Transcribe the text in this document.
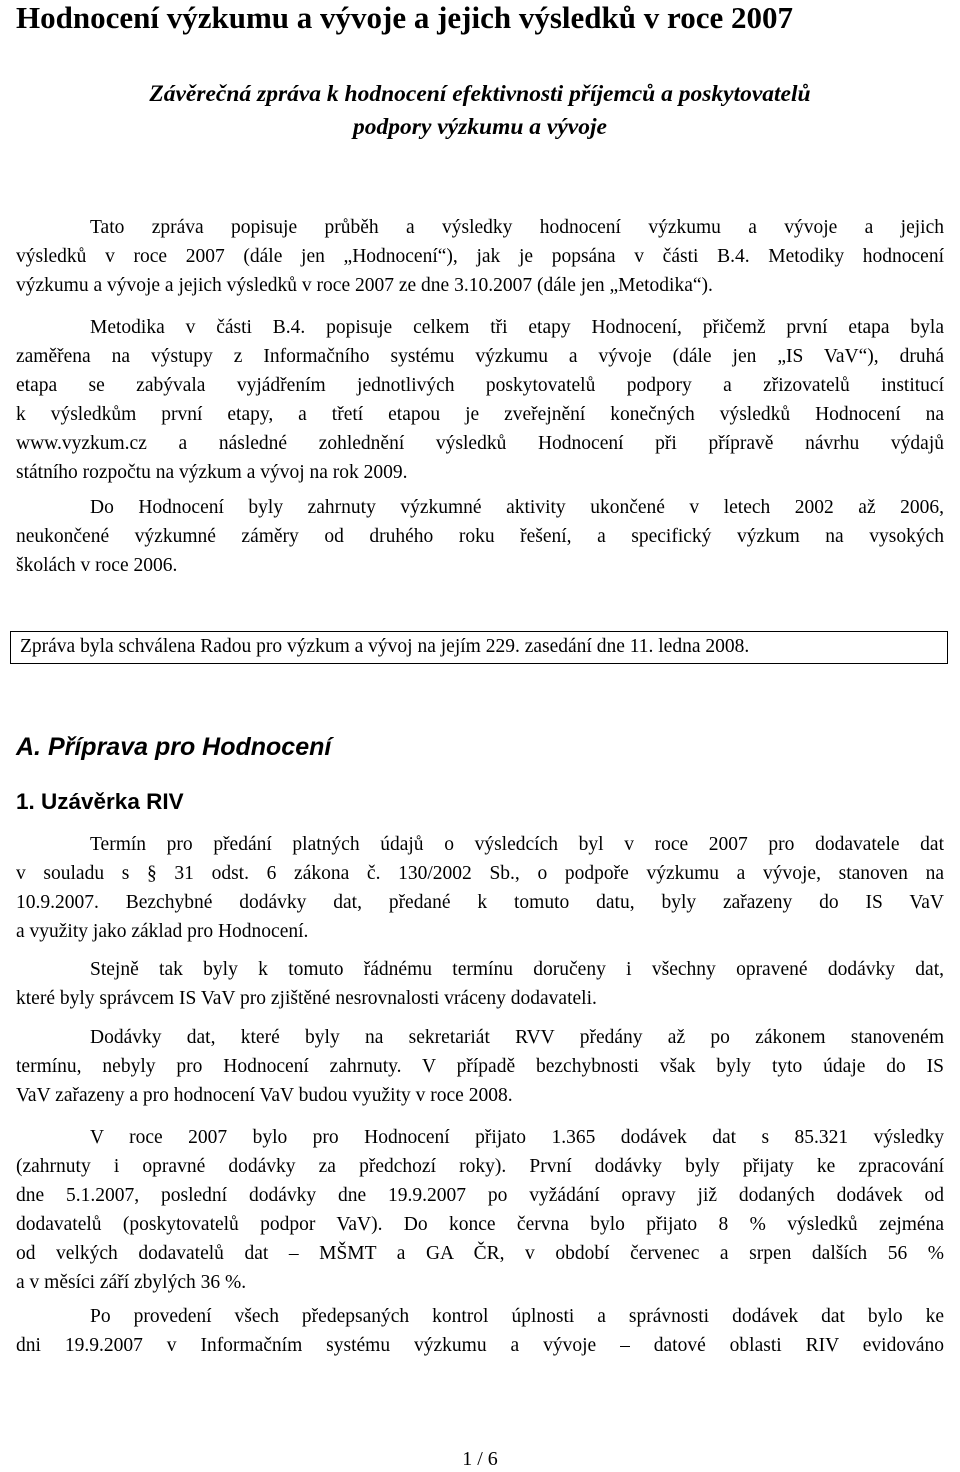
Hodnocení výzkumu a vývoje a jejich výsledků v roce 2007
Závěrečná zpráva k hodnocení efektivnosti příjemců a poskytovatelů
podpory výzkumu a vývoje
Tato zpráva popisuje průběh a výsledky hodnocení výzkumu a vývoje a jejich
výsledků v roce 2007 (dále jen „Hodnocení“), jak je popsána v části B.4. Metodiky hodnocení
výzkumu a vývoje a jejich výsledků v roce 2007 ze dne 3.10.2007 (dále jen „Metodika“).
Metodika v části B.4. popisuje celkem tři etapy Hodnocení, přičemž první etapa byla
zaměřena na výstupy z Informačního systému výzkumu a vývoje (dále jen „IS VaV“), druhá
etapa se zabývala vyjádřením jednotlivých poskytovatelů podpory a zřizovatelů institucí
k výsledkům první etapy, a třetí etapou je zveřejnění konečných výsledků Hodnocení na
www.vyzkum.cz a následné zohlednění výsledků Hodnocení při přípravě návrhu výdajů
státního rozpočtu na výzkum a vývoj na rok 2009.
Do Hodnocení byly zahrnuty výzkumné aktivity ukončené v letech 2002 až 2006,
neukončené výzkumné záměry od druhého roku řešení, a specifický výzkum na vysokých
školách v roce 2006.
Zpráva byla schválena Radou pro výzkum a vývoj na jejím 229. zasedání dne 11. ledna 2008.
A. Příprava pro Hodnocení
1. Uzávěrka RIV
Termín pro předání platných údajů o výsledcích byl v roce 2007 pro dodavatele dat
v souladu s § 31 odst. 6 zákona č. 130/2002 Sb., o podpoře výzkumu a vývoje, stanoven na
10.9.2007. Bezchybné dodávky dat, předané k tomuto datu, byly zařazeny do IS VaV
a využity jako základ pro Hodnocení.
Stejně tak byly k tomuto řádnému termínu doručeny i všechny opravené dodávky dat,
které byly správcem IS VaV pro zjištěné nesrovnalosti vráceny dodavateli.
Dodávky dat, které byly na sekretariát RVV předány až po zákonem stanoveném
termínu, nebyly pro Hodnocení zahrnuty. V případě bezchybnosti však byly tyto údaje do IS
VaV zařazeny a pro hodnocení VaV budou využity v roce 2008.
V roce 2007 bylo pro Hodnocení přijato 1.365 dodávek dat s 85.321 výsledky
(zahrnuty i opravné dodávky za předchozí roky). První dodávky byly přijaty ke zpracování
dne 5.1.2007, poslední dodávky dne 19.9.2007 po vyžádání opravy již dodaných dodávek od
dodavatelů (poskytovatelů podpor VaV). Do konce června bylo přijato 8 % výsledků zejména
od velkých dodavatelů dat – MŠMT a GA ČR, v období červenec a srpen dalších 56 %
a v měsíci září zbylých 36 %.
Po provedení všech předepsaných kontrol úplnosti a správnosti dodávek dat bylo ke
dni 19.9.2007 v Informačním systému výzkumu a vývoje – datové oblasti RIV evidováno
1 / 6
